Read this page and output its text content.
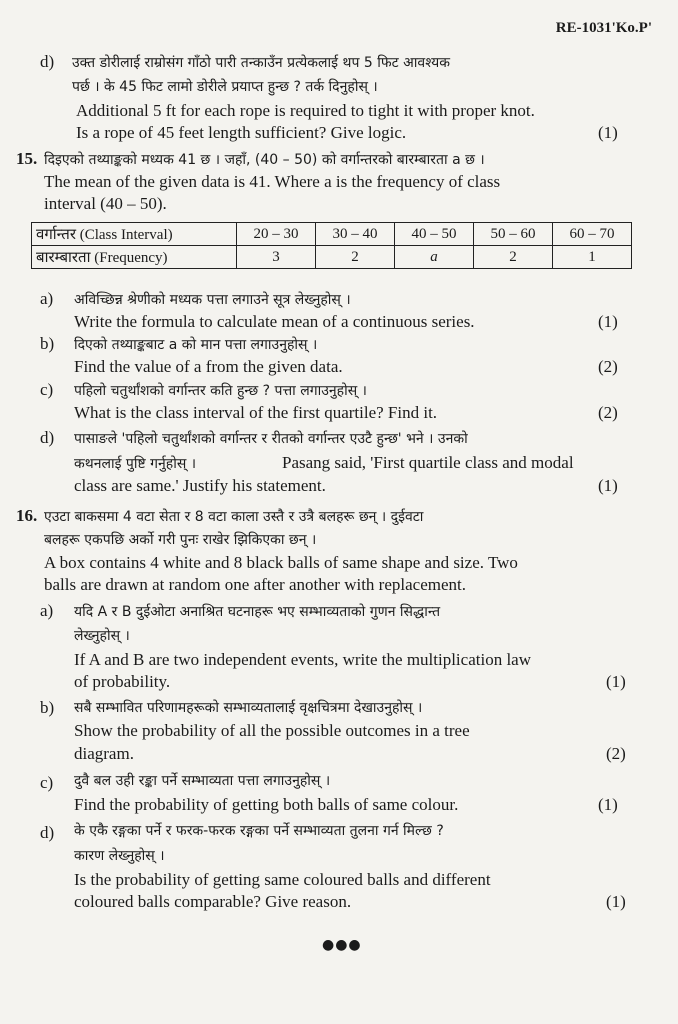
RE-1031'Ko.P'
d) उक्त डोरीलाई राम्रोसंग गाँठो पारी तन्काउँन प्रत्येकलाई थप 5 फिट आवश्यक
पर्छ । के 45 फिट लामो डोरीले प्रयाप्त हुन्छ ? तर्क दिनुहोस् ।
Additional 5 ft for each rope is required to tight it with proper knot.
Is a rope of 45 feet length sufficient? Give logic.	(1)
15. दिइएको तथ्याङ्कको मध्यक 41 छ । जहाँ, (40 – 50) को वर्गान्तरको बारम्बारता a छ ।
The mean of the given data is 41. Where a is the frequency of class
interval (40 – 50).
वर्गान्तर (Class Interval)	20 – 30	30 – 40	40 – 50	50 – 60	60 – 70
बारम्बारता (Frequency)	3	2	a	2	1
a) अविच्छिन्न श्रेणीको मध्यक पत्ता लगाउने सूत्र लेख्नुहोस् ।
Write the formula to calculate mean of a continuous series.	(1)
b) दिएको तथ्याङ्कबाट a को मान पत्ता लगाउनुहोस् ।
Find the value of a from the given data.	(2)
c) पहिलो चतुर्थांशको वर्गान्तर कति हुन्छ ? पत्ता लगाउनुहोस् ।
What is the class interval of the first quartile? Find it.	(2)
d) पासाङले 'पहिलो चतुर्थांशको वर्गान्तर र रीतको वर्गान्तर एउटै हुन्छ' भने । उनको
कथनलाई पुष्टि गर्नुहोस् ।	Pasang said, 'First quartile class and modal
class are same.' Justify his statement.	(1)
16. एउटा बाकसमा 4 वटा सेता र 8 वटा काला उस्तै र उत्रै बलहरू छन् । दुईवटा
बलहरू एकपछि अर्को गरी पुनः राखेर झिकिएका छन् ।
A box contains 4 white and 8 black balls of same shape and size. Two
balls are drawn at random one after another with replacement.
a) यदि A र B दुईओटा अनाश्रित घटनाहरू भए सम्भाव्यताको गुणन सिद्धान्त
लेख्नुहोस् ।
If A and B are two independent events, write the multiplication law
of probability.	(1)
b) सबै सम्भावित परिणामहरूको सम्भाव्यतालाई वृक्षचित्रमा देखाउनुहोस् ।
Show the probability of all the possible outcomes in a tree
diagram.	(2)
c) दुवै बल उही रङ्का पर्ने सम्भाव्यता पत्ता लगाउनुहोस् ।
Find the probability of getting both balls of same colour.	(1)
d) के एकै रङ्गका पर्ने र फरक-फरक रङ्गका पर्ने सम्भाव्यता तुलना गर्न मिल्छ ?
कारण लेख्नुहोस् ।
Is the probability of getting same coloured balls and different
coloured balls comparable? Give reason.	(1)
●●●
